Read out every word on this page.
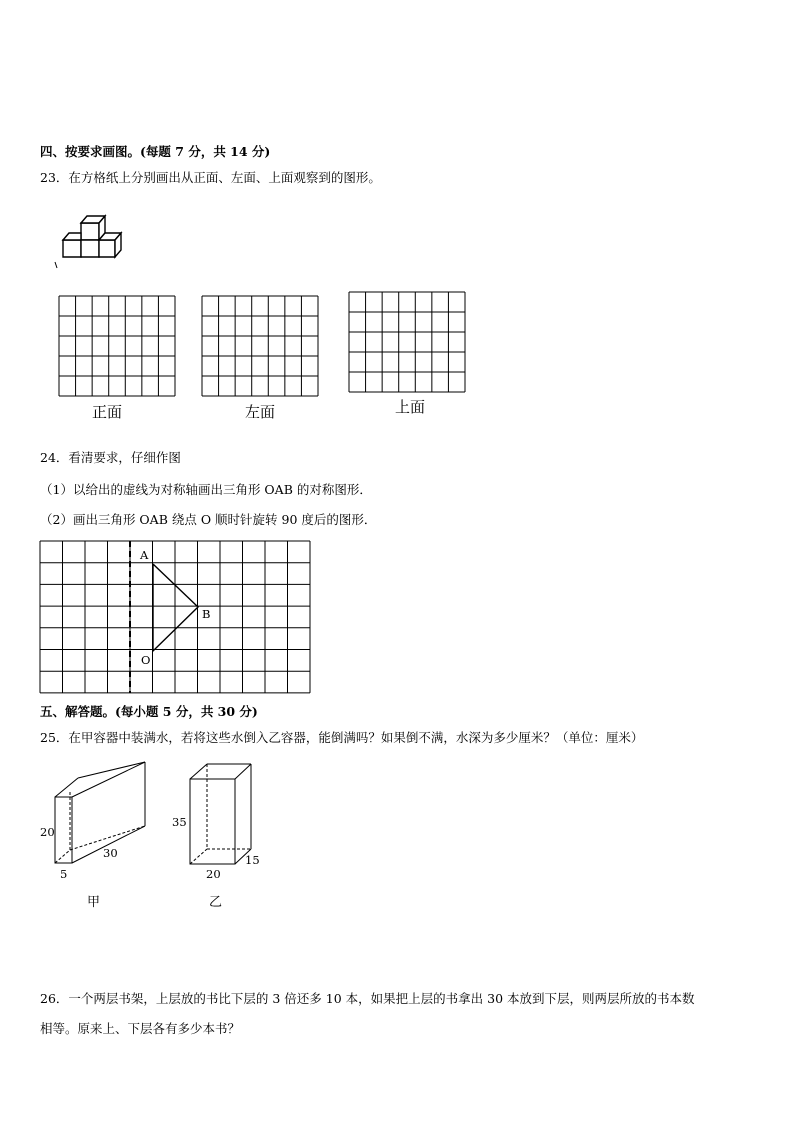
四、按要求画图。(每题 7 分，共 14 分)
23．在方格纸上分别画出从正面、左面、上面观察到的图形。
正面	左面	上面
A
B
O
20
30
5
甲
35
15
20
乙
24．看清要求，仔细作图
（1）以给出的虚线为对称轴画出三角形 OAB 的对称图形．
（2）画出三角形 OAB 绕点 O 顺时针旋转 90 度后的图形．
五、解答题。(每小题 5 分，共 30 分)
25．在甲容器中装满水，若将这些水倒入乙容器，能倒满吗？如果倒不满，水深为多少厘米？（单位：厘米）
26．一个两层书架，上层放的书比下层的 3 倍还多 10 本，如果把上层的书拿出 30 本放到下层，则两层所放的书本数
相等。原来上、下层各有多少本书？
